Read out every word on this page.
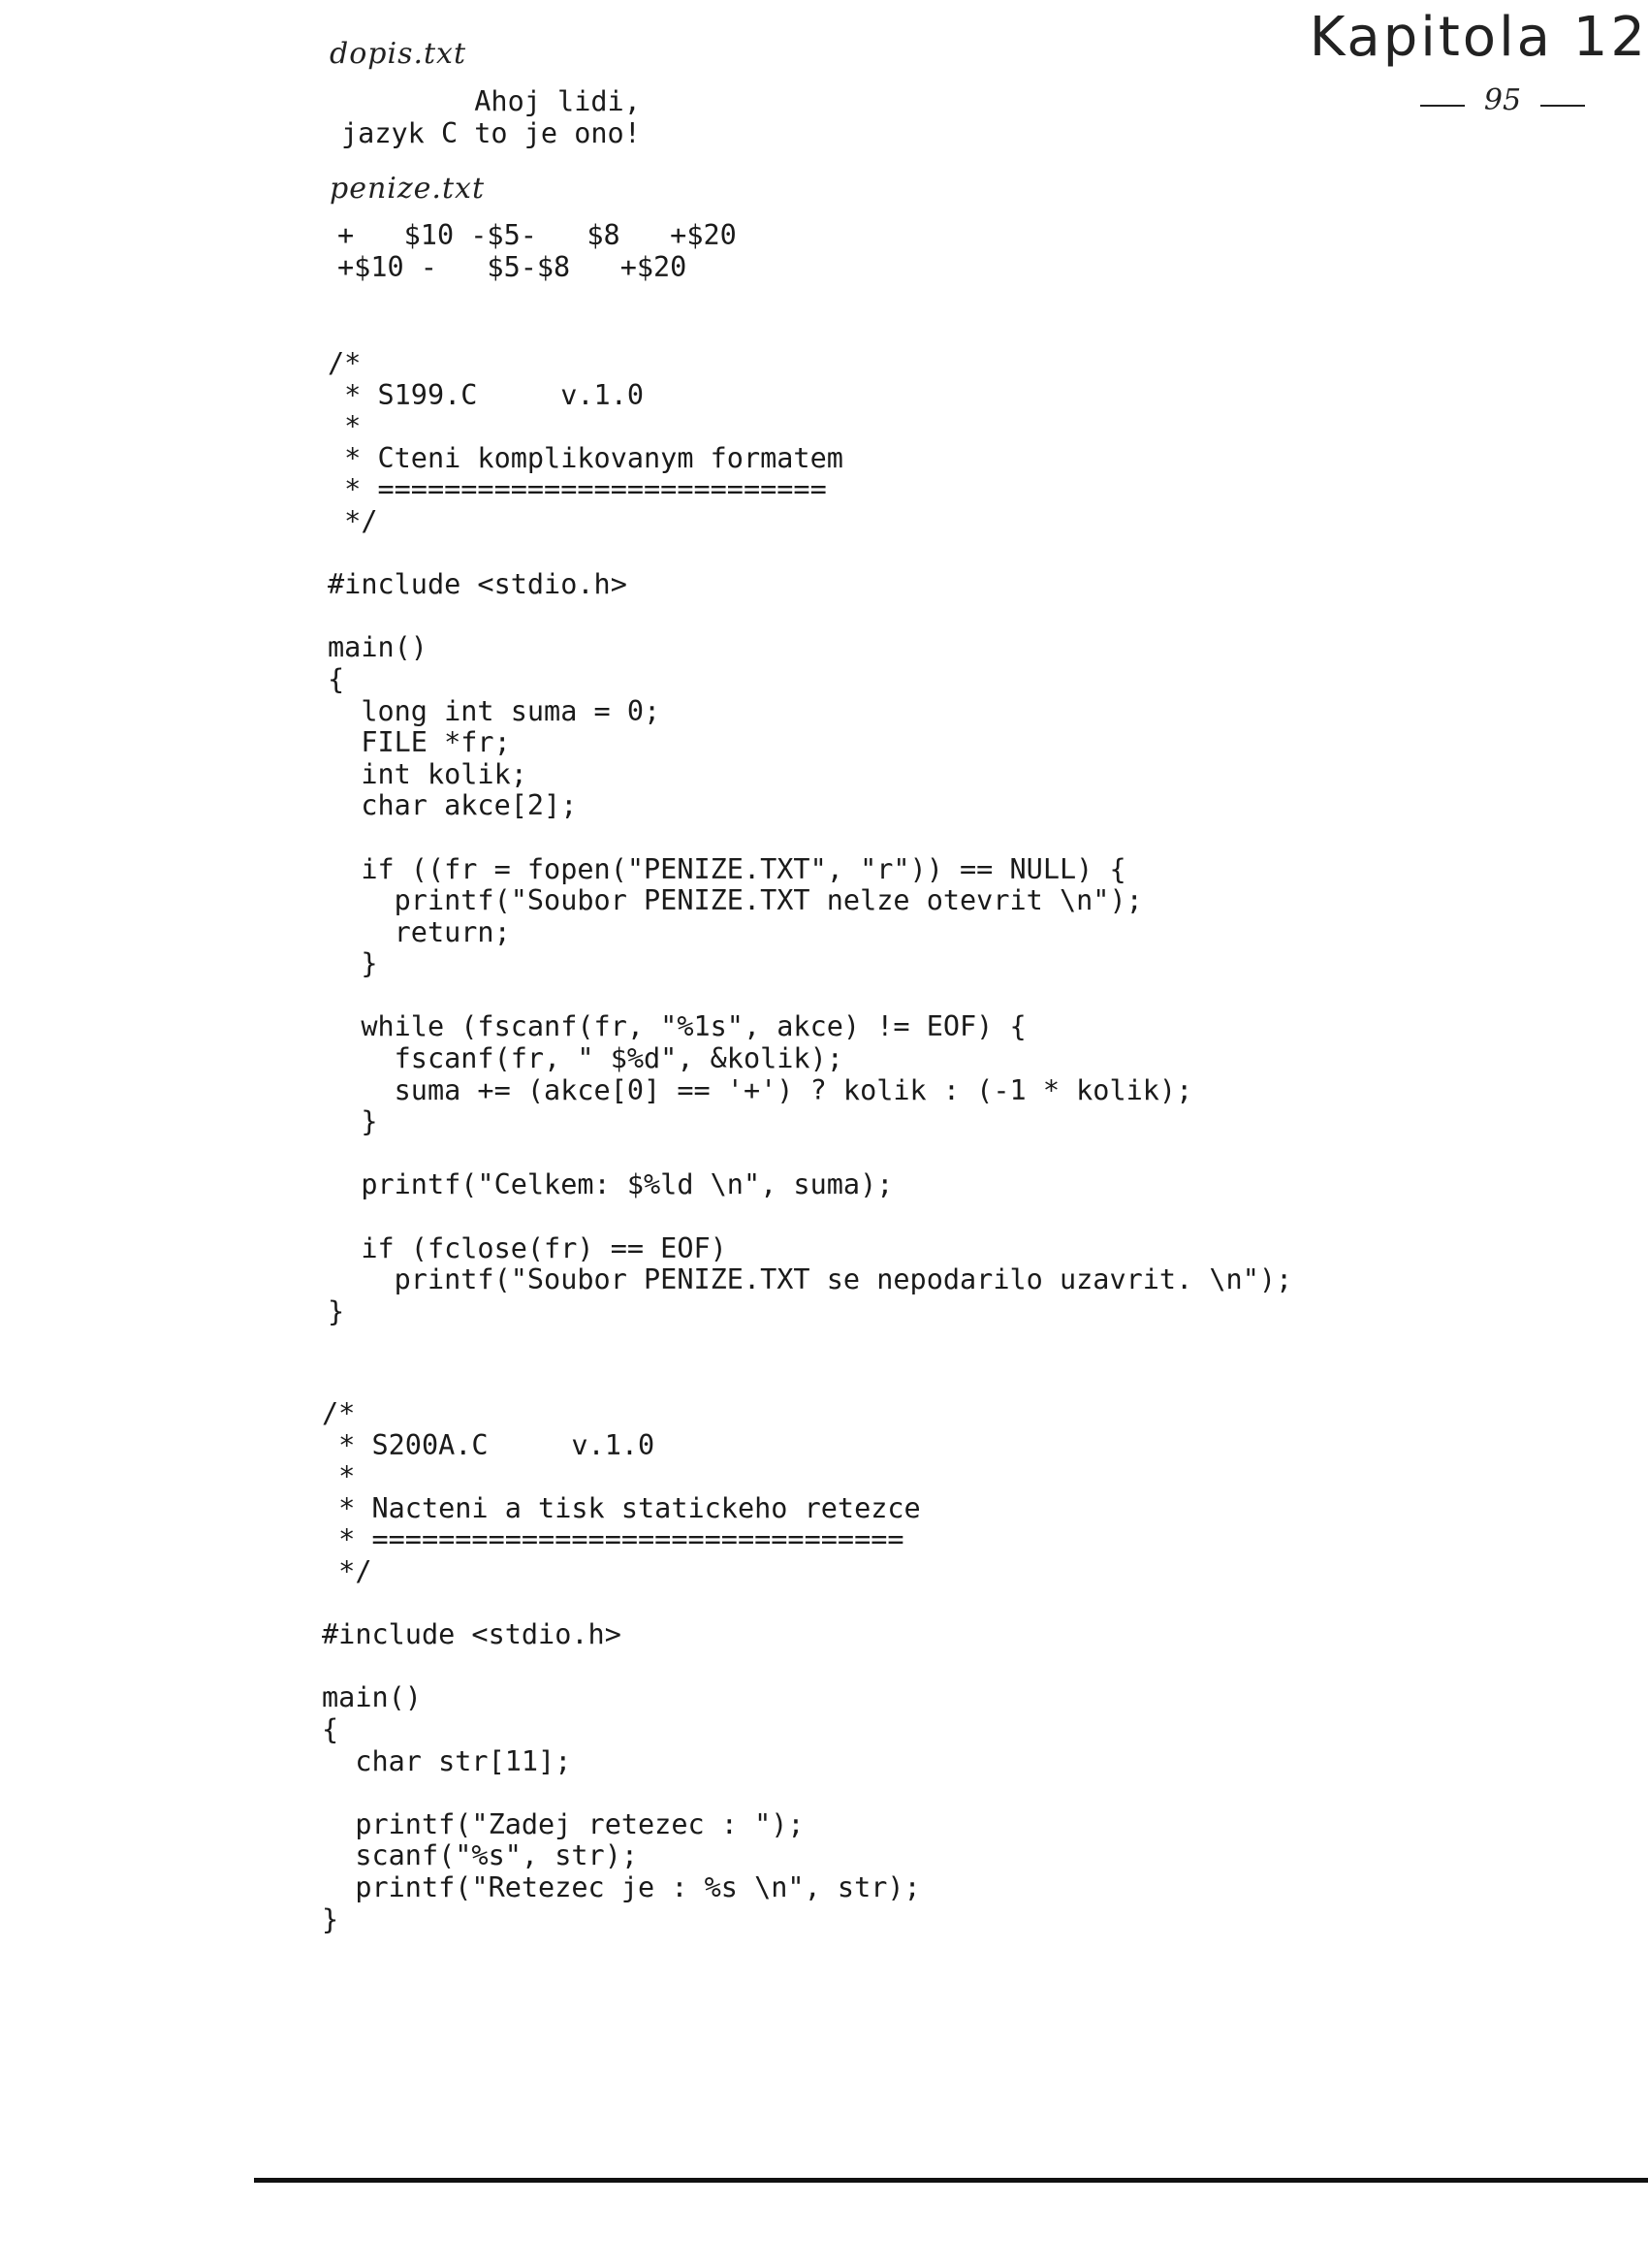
Kapitola 12
95
dopis.txt
Ahoj lidi,
jazyk C to je ono!

penize.txt
+   $10 -$5-   $8   +$20
+$10 -   $5-$8   +$20

/*
* S199.C     v.1.0
*
* Cteni komplikovanym formatem
* ===========================
*/

#include <stdio.h>

main()
{
long int suma = 0;
FILE *fr;
int kolik;
char akce[2];

if ((fr = fopen("PENIZE.TXT", "r")) == NULL) {
printf("Soubor PENIZE.TXT nelze otevrit \n");
return;
}

while (fscanf(fr, "%1s", akce) != EOF) {
fscanf(fr, " $%d", &kolik);
suma += (akce[0] == '+') ? kolik : (-1 * kolik);
}

printf("Celkem: $%ld \n", suma);

if (fclose(fr) == EOF)
printf("Soubor PENIZE.TXT se nepodarilo uzavrit. \n");
}

/*
* S200A.C     v.1.0
*
* Nacteni a tisk statickeho retezce
* ================================
*/

#include <stdio.h>

main()
{
char str[11];

printf("Zadej retezec : ");
scanf("%s", str);
printf("Retezec je : %s \n", str);
}
